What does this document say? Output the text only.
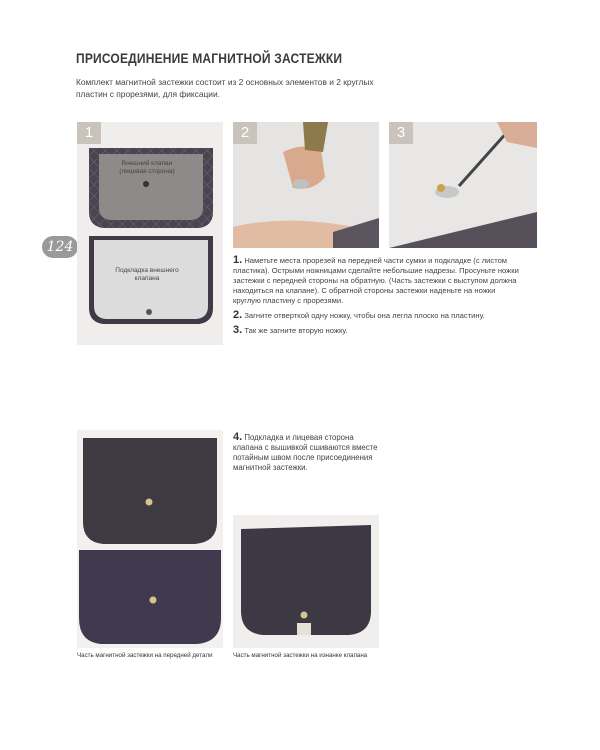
ПРИСОЕДИНЕНИЕ МАГНИТНОЙ ЗАСТЕЖКИ
Комплект магнитной застежки состоит из 2 основных элементов и 2 круглых пластин с прорезями, для фиксации.
124
1
Внешний клапан (лицевая сторона)
Подкладка внешнего клапана
2	3

1. Наметьте места прорезей на передней части сумки и подкладке (с листом пластика). Острыми ножницами сделайте небольшие надрезы. Просуньте ножки застежки с передней стороны на обратную. (Часть застежки с выступом должна находиться на клапане). С обратной стороны застежки наденьте на ножки круглую пластину с прорезями.

2. Загните отверткой одну ножку, чтобы она легла плоско на пластину.

3. Так же загните вторую ножку.

4. Подкладка и лицевая сторона клапана с вышивкой сшиваются вместе потайным швом после присоединения магнитной застежки.
Часть магнитной застежки на передней детали	Часть магнитной застежки на изнанке клапана
